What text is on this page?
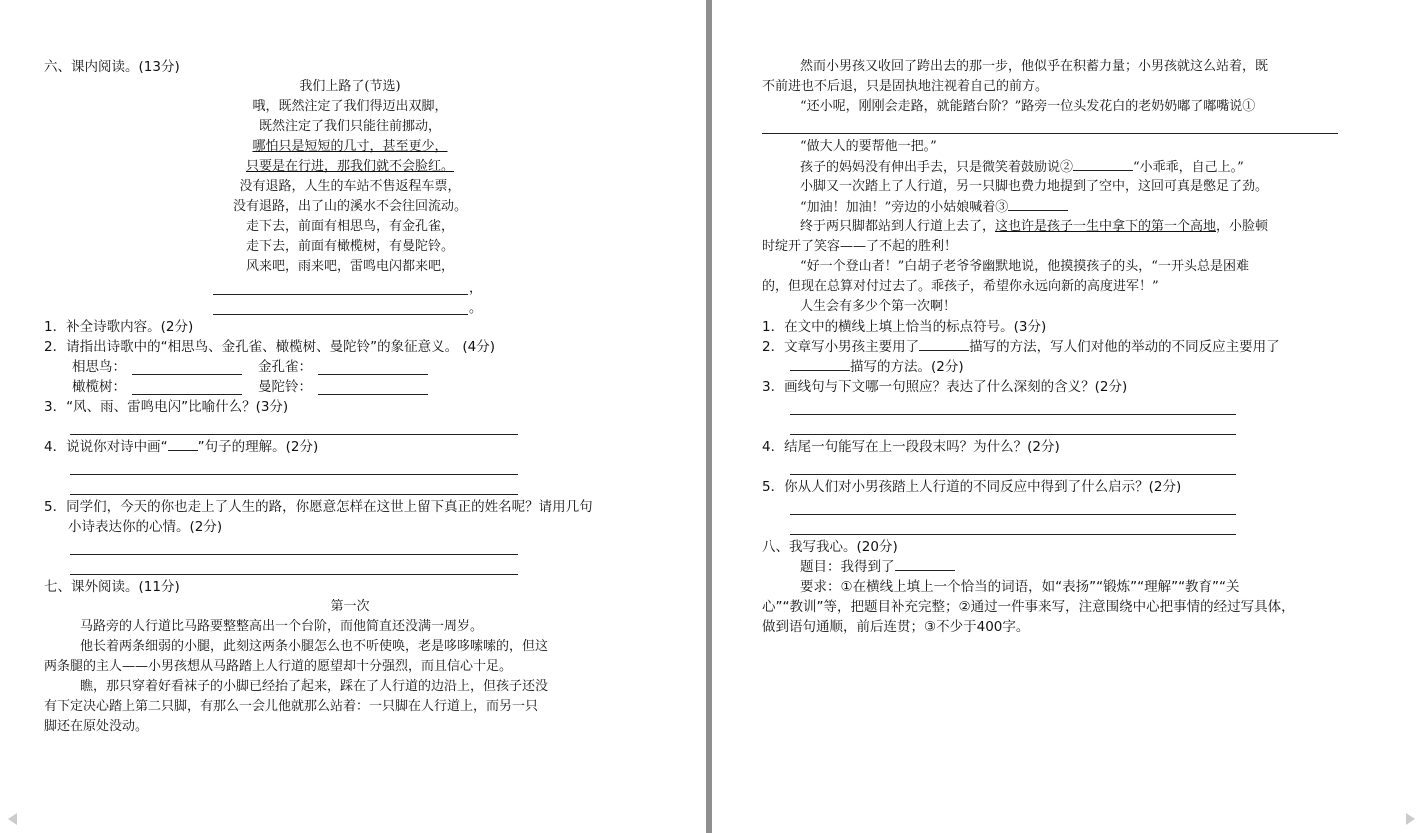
六、课内阅读。(13分)
我们上路了(节选)
哦，既然注定了我们得迈出双脚，
既然注定了我们只能往前挪动，
哪怕只是短短的几寸，甚至更少，
只要是在行进，那我们就不会脸红。
没有退路，人生的车站不售返程车票，
没有退路，出了山的溪水不会往回流动。
走下去，前面有相思鸟，有金孔雀，
走下去，前面有橄榄树，有曼陀铃。
风来吧，雨来吧，雷鸣电闪都来吧，
，
。
1．补全诗歌内容。(2分)
2．请指出诗歌中的“相思鸟、金孔雀、橄榄树、曼陀铃”的象征意义。 (4分)
相思鸟：	金孔雀：
橄榄树：	曼陀铃：
3．“风、雨、雷鸣电闪”比喻什么？(3分)
4．说说你对诗中画“ ”句子的理解。(2分)
5．同学们，今天的你也走上了人生的路，你愿意怎样在这世上留下真正的姓名呢？请用几句
小诗表达你的心情。(2分)
七、课外阅读。(11分)
第一次
马路旁的人行道比马路要整整高出一个台阶，而他简直还没满一周岁。
他长着两条细弱的小腿，此刻这两条小腿怎么也不听使唤，老是哆哆嗦嗦的，但这
两条腿的主人——小男孩想从马路踏上人行道的愿望却十分强烈，而且信心十足。
瞧，那只穿着好看袜子的小脚已经抬了起来，踩在了人行道的边沿上，但孩子还没
有下定决心踏上第二只脚，有那么一会儿他就那么站着：一只脚在人行道上，而另一只
脚还在原处没动。
然而小男孩又收回了跨出去的那一步，他似乎在积蓄力量；小男孩就这么站着，既
不前进也不后退，只是固执地注视着自己的前方。
“还小呢，刚刚会走路，就能踏台阶？”路旁一位头发花白的老奶奶嘟了嘟嘴说①
“做大人的要帮他一把。”
孩子的妈妈没有伸出手去，只是微笑着鼓励说②	“小乖乖，自己上。”
小脚又一次踏上了人行道，另一只脚也费力地提到了空中，这回可真是憋足了劲。
“加油！加油！”旁边的小姑娘喊着③
终于两只脚都站到人行道上去了，这也许是孩子一生中拿下的第一个高地，小脸顿
时绽开了笑容——了不起的胜利！
“好一个登山者！”白胡子老爷爷幽默地说，他摸摸孩子的头，“一开头总是困难
的，但现在总算对付过去了。乖孩子，希望你永远向新的高度进军！”
人生会有多少个第一次啊！
1．在文中的横线上填上恰当的标点符号。(3分)
2．文章写小男孩主要用了	描写的方法，写人们对他的举动的不同反应主要用了
描写的方法。(2分)
3．画线句与下文哪一句照应？表达了什么深刻的含义？(2分)
4．结尾一句能写在上一段段末吗？为什么？(2分)
5．你从人们对小男孩踏上人行道的不同反应中得到了什么启示？(2分)
八、我写我心。(20分)
题目：我得到了
要求：①在横线上填上一个恰当的词语，如“表扬”“锻炼”“理解”“教育”“关
心”“教训”等，把题目补充完整；②通过一件事来写，注意围绕中心把事情的经过写具体，
做到语句通顺，前后连贯；③不少于400字。
